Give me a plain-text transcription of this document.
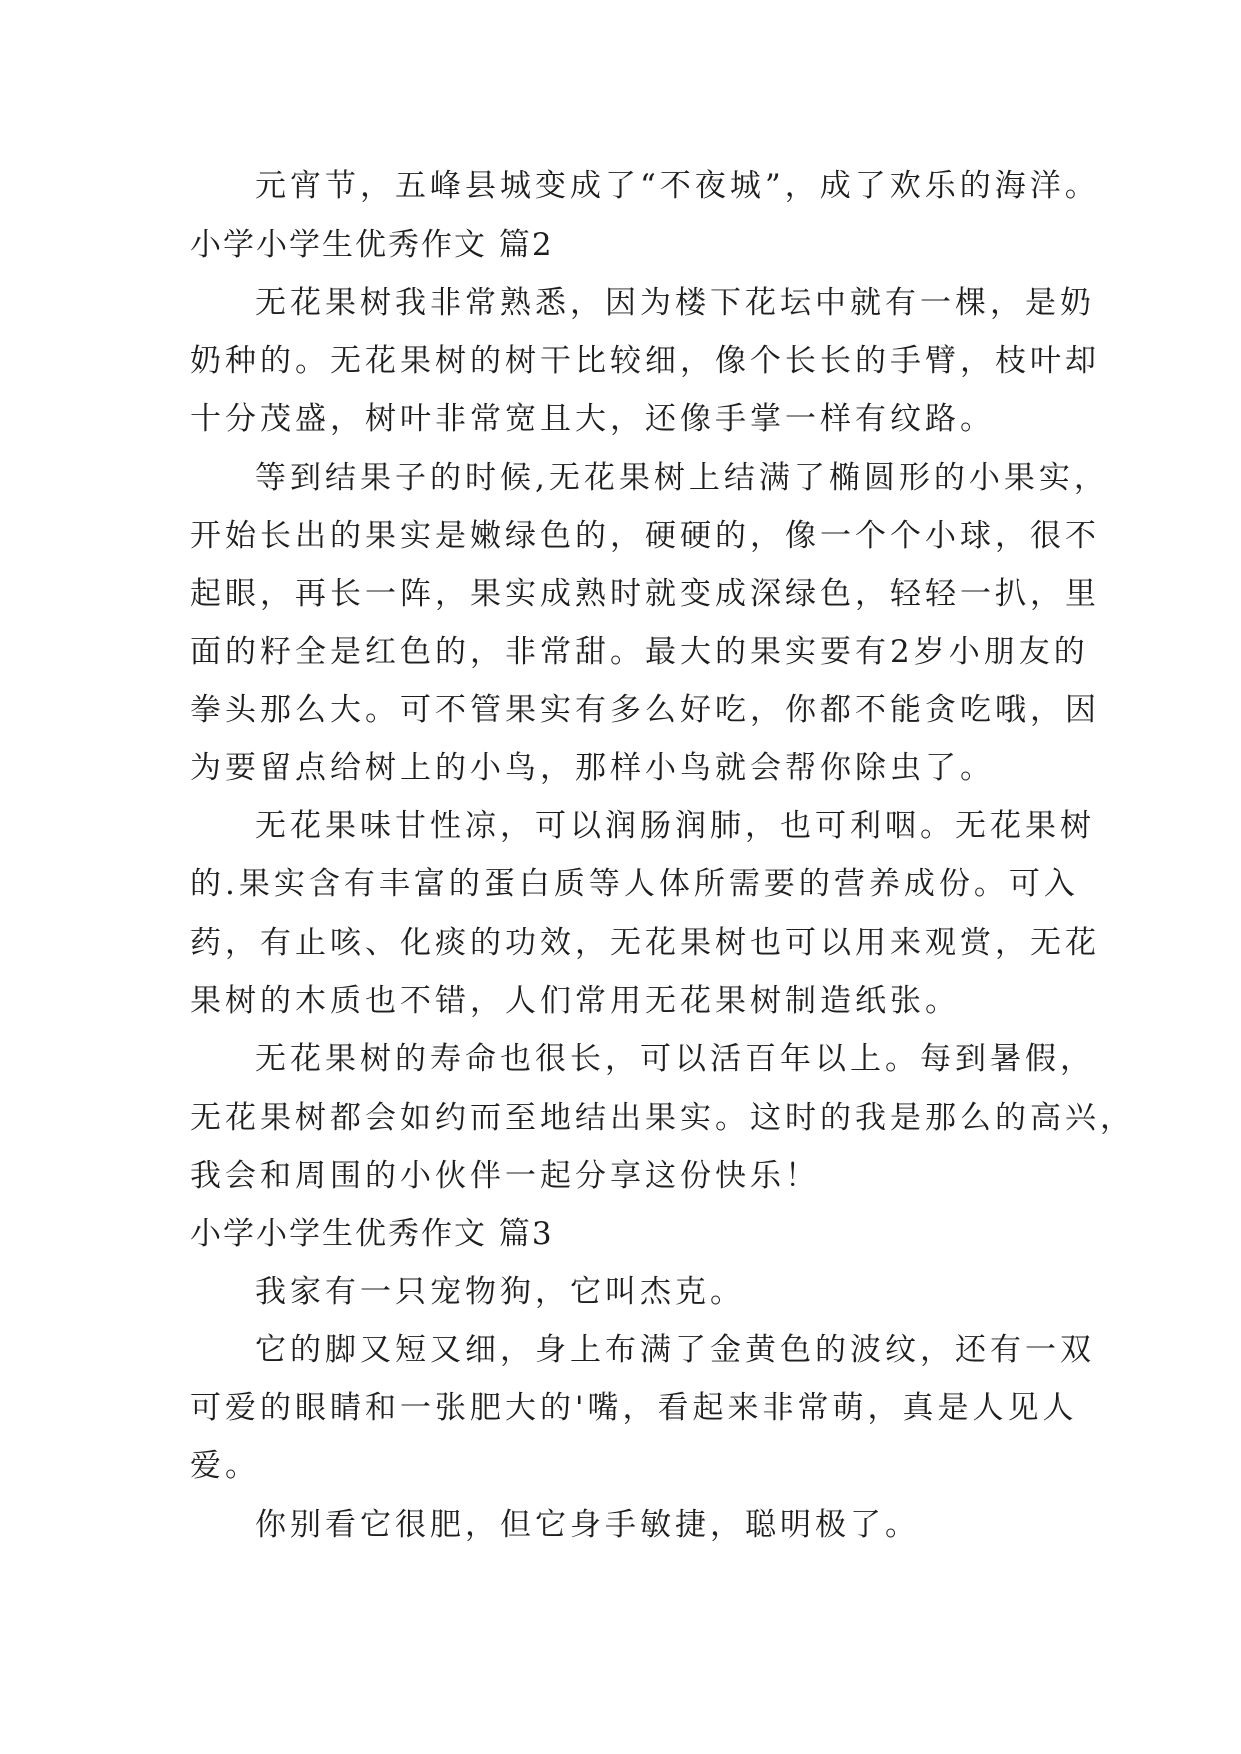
元宵节，五峰县城变成了“不夜城”，成了欢乐的海洋。
小学小学生优秀作文 篇2
无花果树我非常熟悉，因为楼下花坛中就有一棵，是奶
奶种的。无花果树的树干比较细，像个长长的手臂，枝叶却
十分茂盛，树叶非常宽且大，还像手掌一样有纹路。
等到结果子的时候,无花果树上结满了椭圆形的小果实，
开始长出的果实是嫩绿色的，硬硬的，像一个个小球，很不
起眼，再长一阵，果实成熟时就变成深绿色，轻轻一扒，里
面的籽全是红色的，非常甜。最大的果实要有2岁小朋友的
拳头那么大。可不管果实有多么好吃，你都不能贪吃哦，因
为要留点给树上的小鸟，那样小鸟就会帮你除虫了。
无花果味甘性凉，可以润肠润肺，也可利咽。无花果树
的.果实含有丰富的蛋白质等人体所需要的营养成份。可入
药，有止咳、化痰的功效，无花果树也可以用来观赏，无花
果树的木质也不错，人们常用无花果树制造纸张。
无花果树的寿命也很长，可以活百年以上。每到暑假，
无花果树都会如约而至地结出果实。这时的我是那么的高兴，
我会和周围的小伙伴一起分享这份快乐！
小学小学生优秀作文 篇3
我家有一只宠物狗，它叫杰克。
它的脚又短又细，身上布满了金黄色的波纹，还有一双
可爱的眼睛和一张肥大的'嘴，看起来非常萌，真是人见人
爱。
你别看它很肥，但它身手敏捷，聪明极了。
